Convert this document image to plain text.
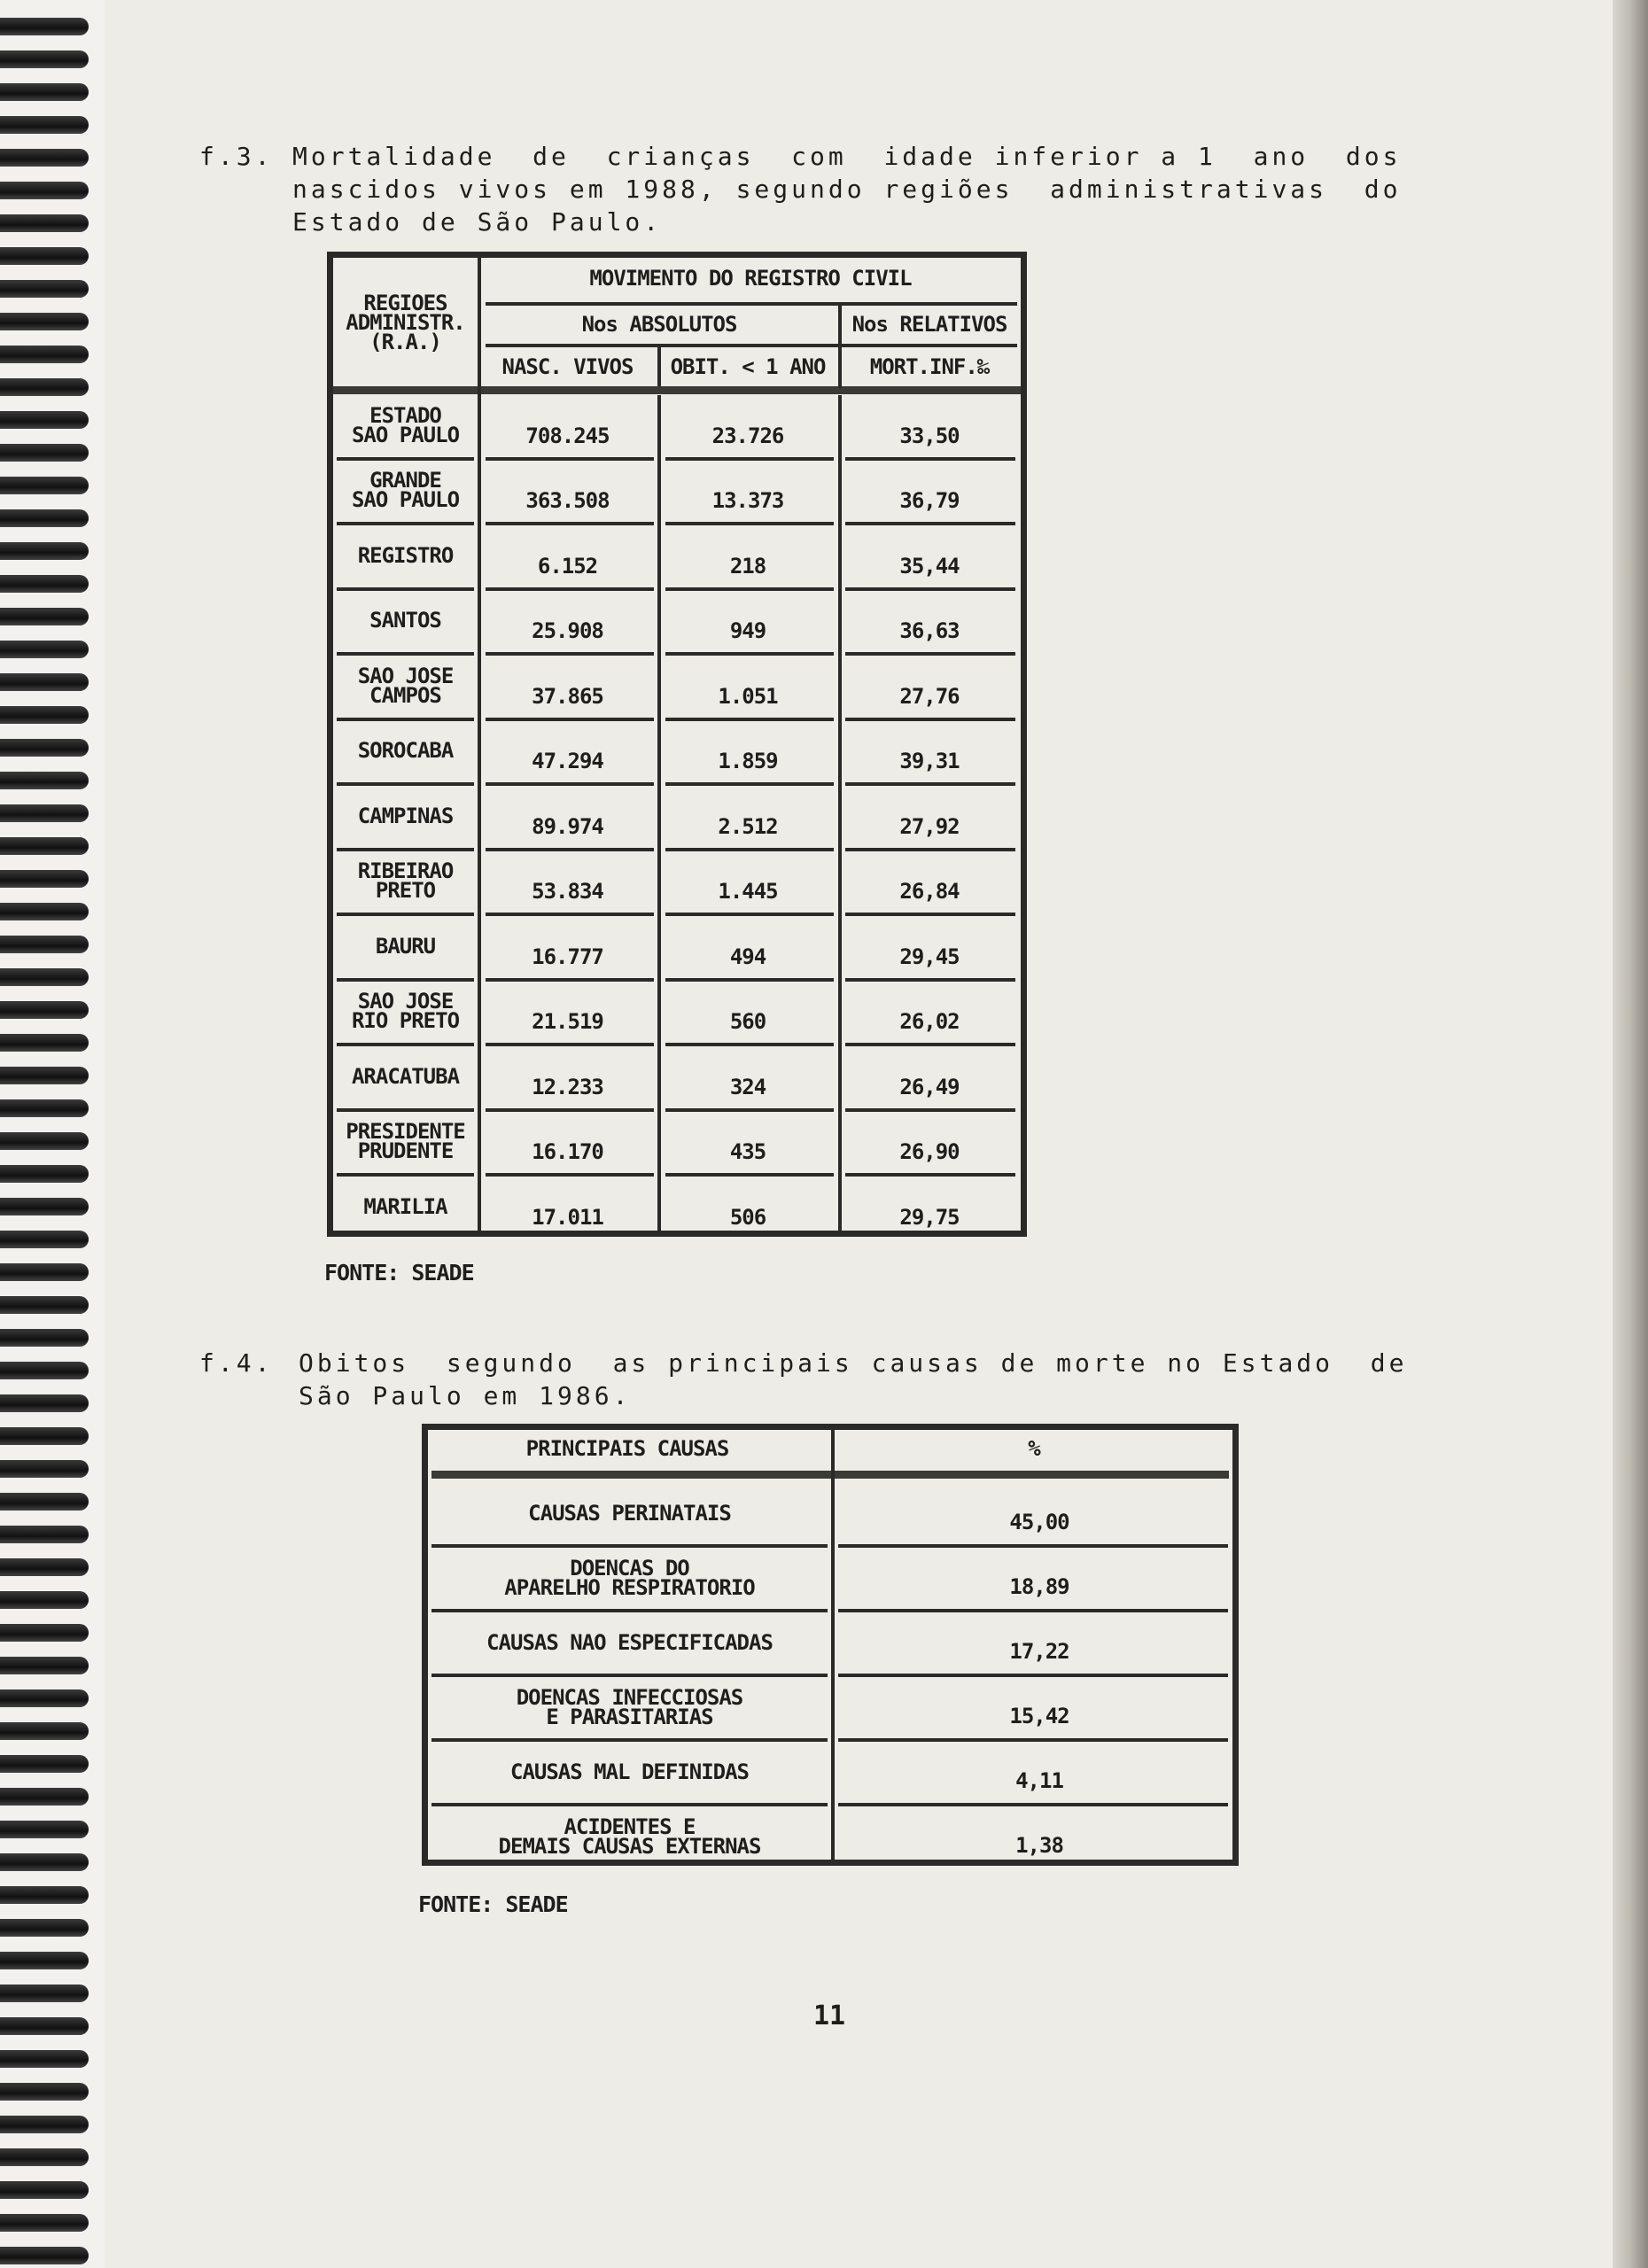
f.3. Mortalidade  de  crianças  com  idade inferior a 1  ano  dos
nascidos vivos em 1988, segundo regiões  administrativas  do
Estado de São Paulo.
REGIOES
ADMINISTR.
(R.A.)
MOVIMENTO DO REGISTRO CIVIL
Nos ABSOLUTOS	Nos RELATIVOS
NASC. VIVOS	OBIT. < 1 ANO	MORT.INF.‰
ESTADO
SAO PAULO	708.245	23.726	33,50
GRANDE
SAO PAULO	363.508	13.373	36,79
REGISTRO	6.152	218	35,44
SANTOS	25.908	949	36,63
SAO JOSE
CAMPOS	37.865	1.051	27,76
SOROCABA	47.294	1.859	39,31
CAMPINAS	89.974	2.512	27,92
RIBEIRAO
PRETO	53.834	1.445	26,84
BAURU	16.777	494	29,45
SAO JOSE
RIO PRETO	21.519	560	26,02
ARACATUBA	12.233	324	26,49
PRESIDENTE
PRUDENTE	16.170	435	26,90
MARILIA	17.011	506	29,75
FONTE: SEADE
f.4. Obitos  segundo  as principais causas de morte no Estado  de
São Paulo em 1986.
PRINCIPAIS CAUSAS	%
CAUSAS PERINATAIS	45,00
DOENCAS DO
APARELHO RESPIRATORIO	18,89
CAUSAS NAO ESPECIFICADAS	17,22
DOENCAS INFECCIOSAS
E PARASITARIAS	15,42
CAUSAS MAL DEFINIDAS	4,11
ACIDENTES E
DEMAIS CAUSAS EXTERNAS	1,38
FONTE: SEADE
11
